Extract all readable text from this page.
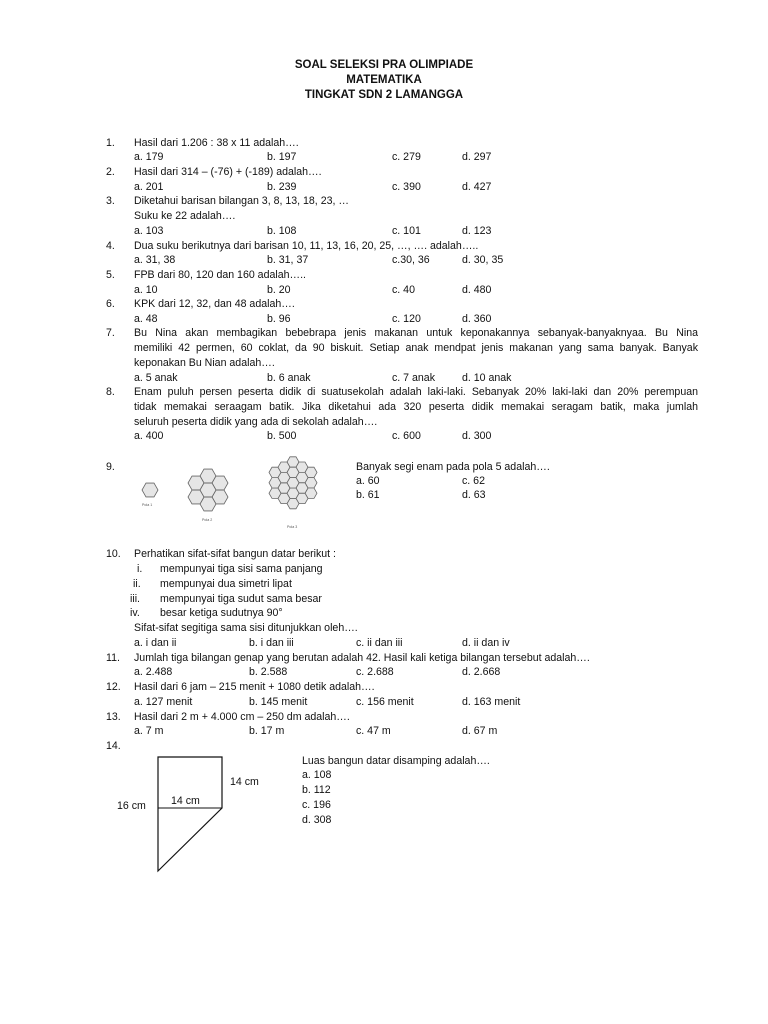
SOAL SELEKSI PRA OLIMPIADE
MATEMATIKA
TINGKAT SDN 2 LAMANGGA
1. Hasil dari 1.206 : 38 x 11 adalah….
a. 179	b. 197	c. 279	d. 297
2. Hasil dari 314 – (-76) + (-189) adalah….
a. 201	b. 239	c. 390	d. 427
3. Diketahui barisan bilangan 3, 8, 13, 18, 23, …
Suku ke 22 adalah….
a. 103	b. 108	c. 101	d. 123
4. Dua suku berikutnya dari barisan 10, 11, 13, 16, 20, 25, …, …. adalah…..
a. 31, 38	b. 31, 37	c.30, 36	d. 30, 35
5. FPB dari 80, 120 dan 160 adalah…..
a. 10	b. 20	c. 40	d. 480
6. KPK dari 12, 32, dan 48 adalah….
a. 48	b. 96	c. 120	d. 360
7. Bu Nina akan membagikan bebebrapa jenis makanan untuk keponakannya sebanyak-banyaknyaa. Bu Nina
memiliki 42 permen, 60 coklat, da 90 biskuit. Setiap anak mendpat jenis makanan yang sama banyak. Banyak
keponakan Bu Nian adalah….
a. 5 anak	b. 6 anak	c. 7 anak	d. 10 anak
8. Enam puluh persen peserta didik di suatusekolah adalah laki-laki. Sebanyak 20% laki-laki dan 20% perempuan
tidak memakai seraagam batik. Jika diketahui ada 320 peserta didik memakai seragam batik, maka jumlah
seluruh peserta didik yang ada di sekolah adalah….
a. 400	b. 500	c. 600	d. 300
9.
Pola 1
Pola 2
Pola 3
Banyak segi enam pada pola 5 adalah….
a. 60	c. 62
b. 61	d. 63
10. Perhatikan sifat-sifat bangun datar berikut :
i. mempunyai tiga sisi sama panjang
ii. mempunyai dua simetri lipat
iii. mempunyai tiga sudut sama besar
iv. besar ketiga sudutnya 90°
Sifat-sifat segitiga sama sisi ditunjukkan oleh….
a. i dan ii	b. i dan iii	c. ii dan iii	d. ii dan iv
11. Jumlah tiga bilangan genap yang berutan adalah 42. Hasil kali ketiga bilangan tersebut adalah….
a. 2.488	b. 2.588	c. 2.688	d. 2.668
12. Hasil dari 6 jam – 215 menit + 1080 detik adalah….
a. 127 menit	b. 145 menit	c. 156 menit	d. 163 menit
13. Hasil dari 2 m + 4.000 cm – 250 dm adalah….
a. 7 m	b. 17 m	c. 47 m	d. 67 m
14.
14 cm
14 cm
16 cm
Luas bangun datar disamping adalah….
a. 108
b. 112
c. 196
d. 308
